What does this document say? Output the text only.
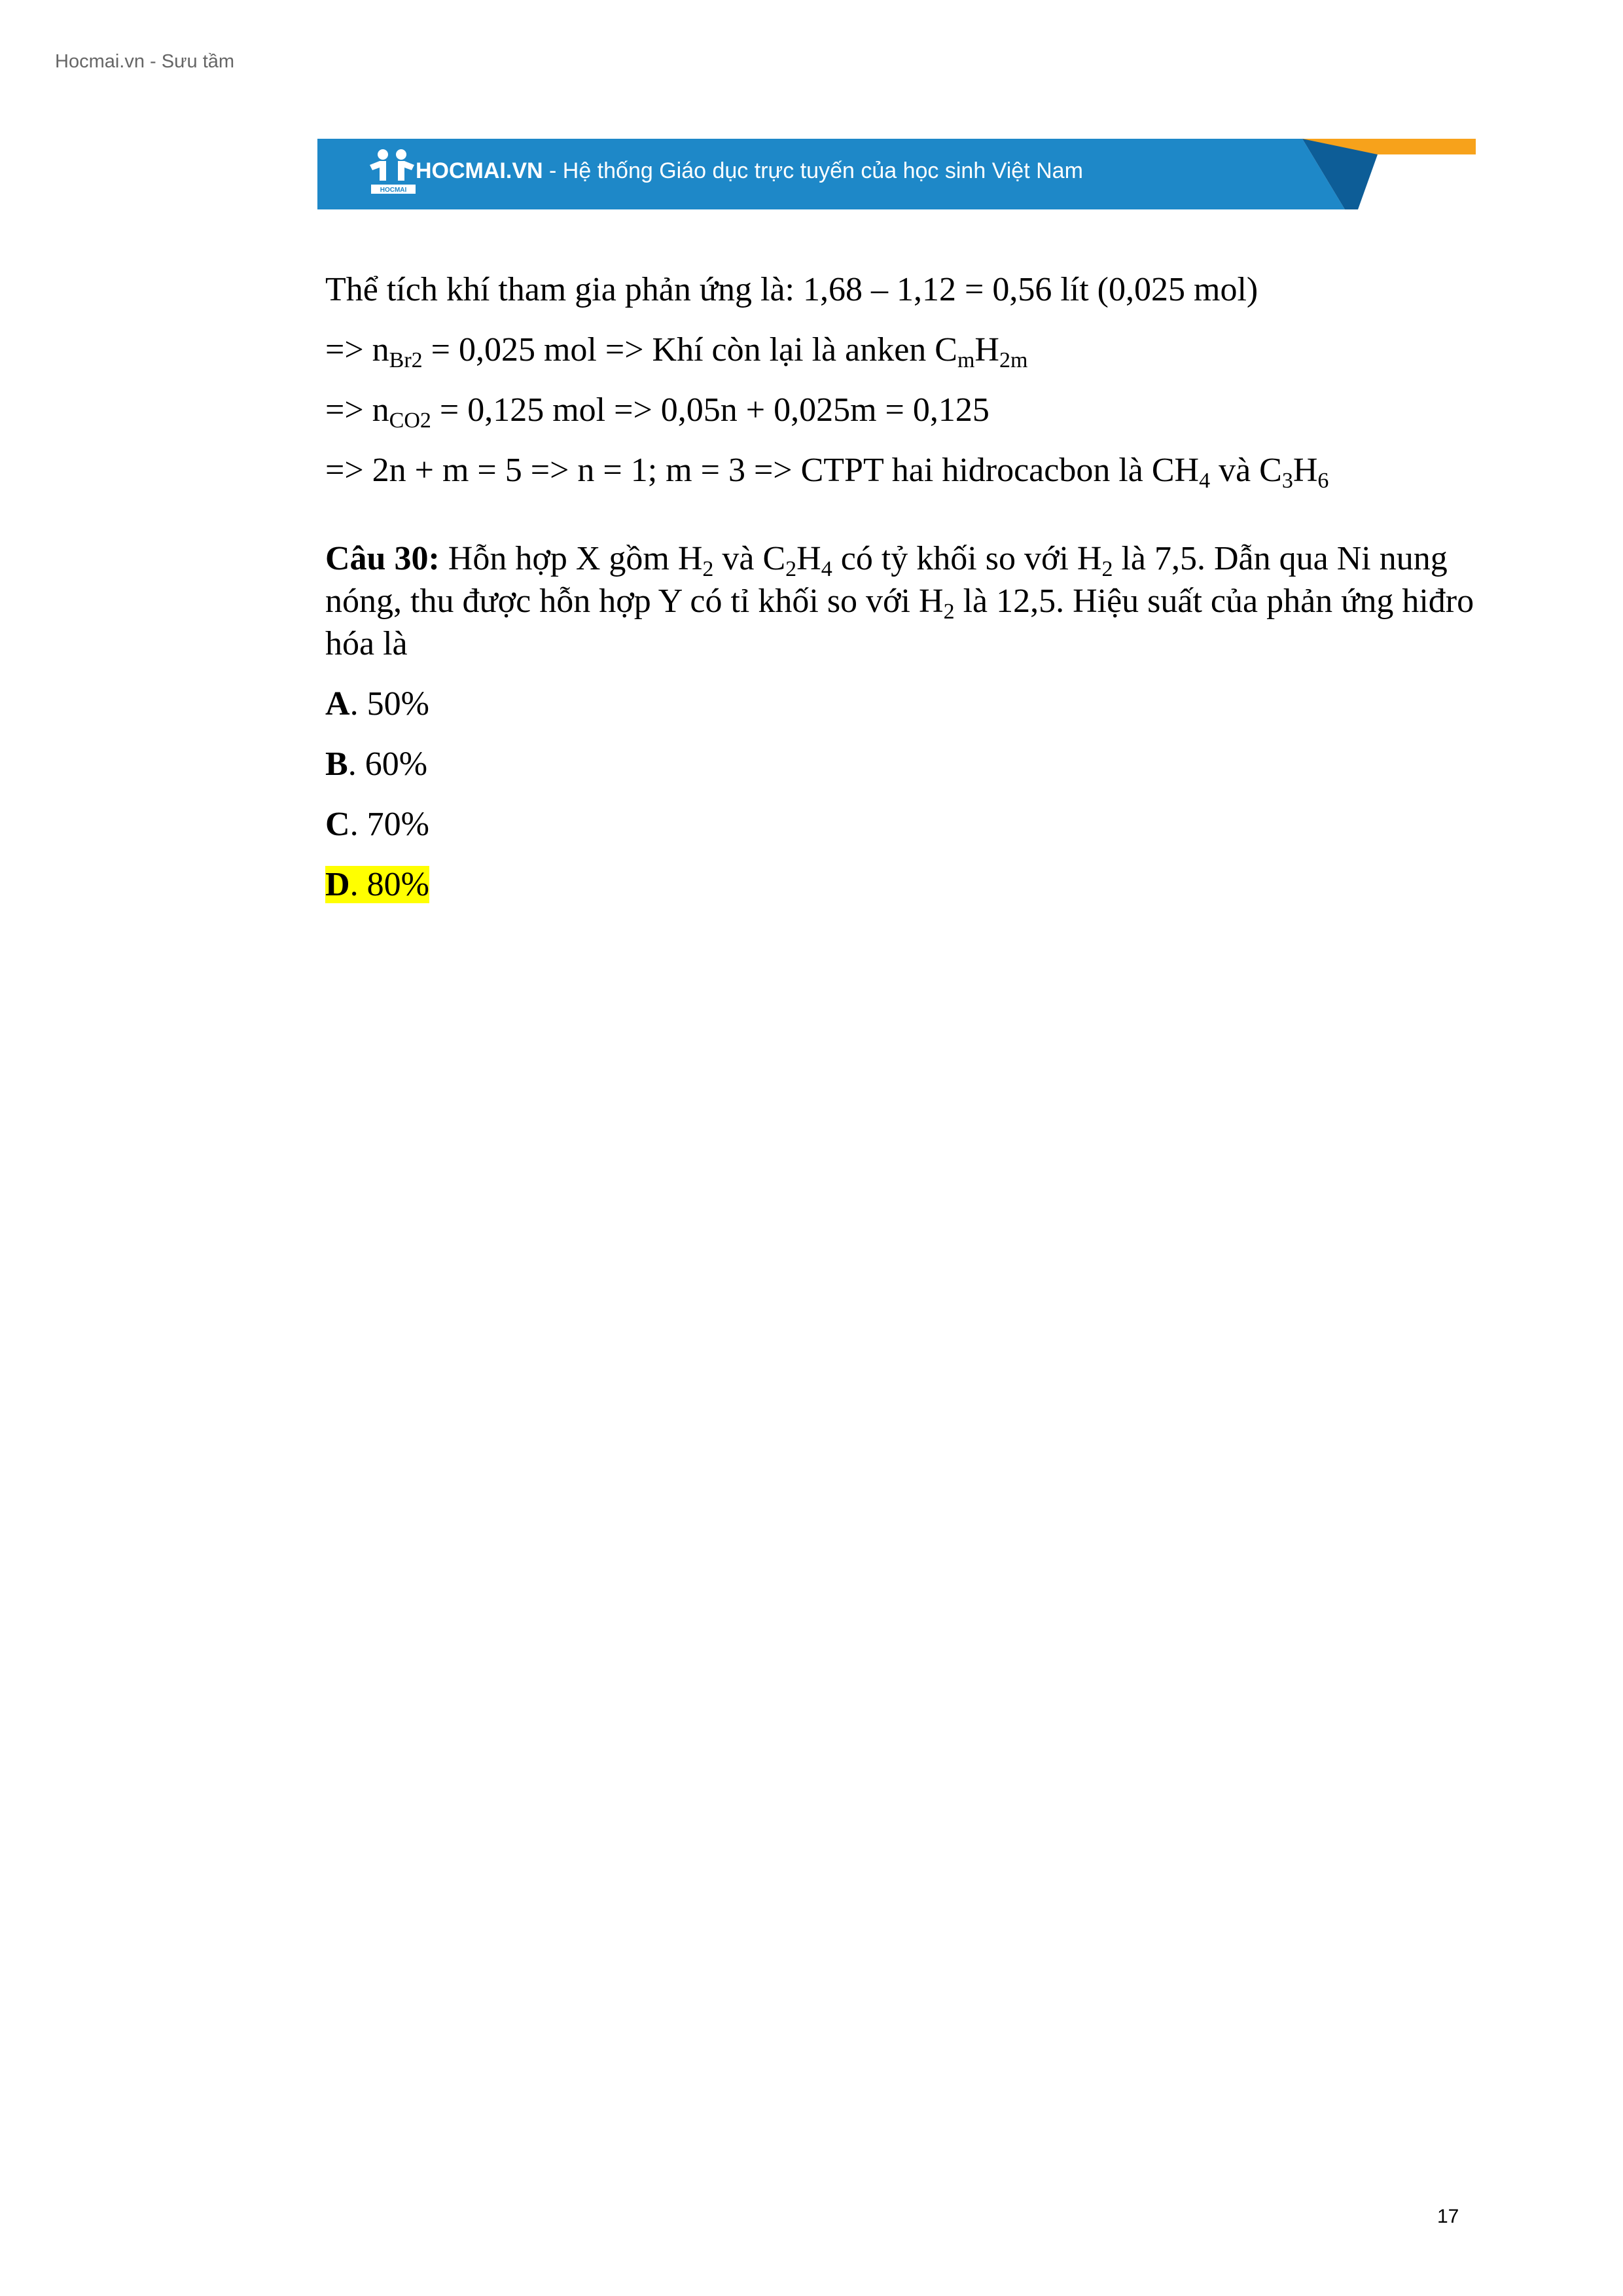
Hocmai.vn - Sưu tầm
HOCMAI
HOCMAI.VN - Hệ thống Giáo dục trực tuyến của học sinh Việt Nam

Thể tích khí tham gia phản ứng là: 1,68 – 1,12 = 0,56 lít (0,025 mol)

=> $n_{Br2} = 0,025$ mol => Khí còn lại là anken $C_mH_{2m}$

=> $n_{CO2} = 0,125$ mol => 0,05n + 0,025m = 0,125

=> 2n + m = 5 => n = 1; m = 3 => CTPT hai hidrocacbon là $CH_4$ và $C_3H_6$

Câu 30: Hỗn hợp X gồm $H_2$ và $C_2H_4$ có tỷ khối so với $H_2$ là 7,5. Dẫn qua Ni nung nóng, thu được hỗn hợp Y có tỉ khối so với $H_2$ là 12,5. Hiệu suất của phản ứng hiđro hóa là

A. 50%

B. 60%

C. 70%

D. 80%

17
